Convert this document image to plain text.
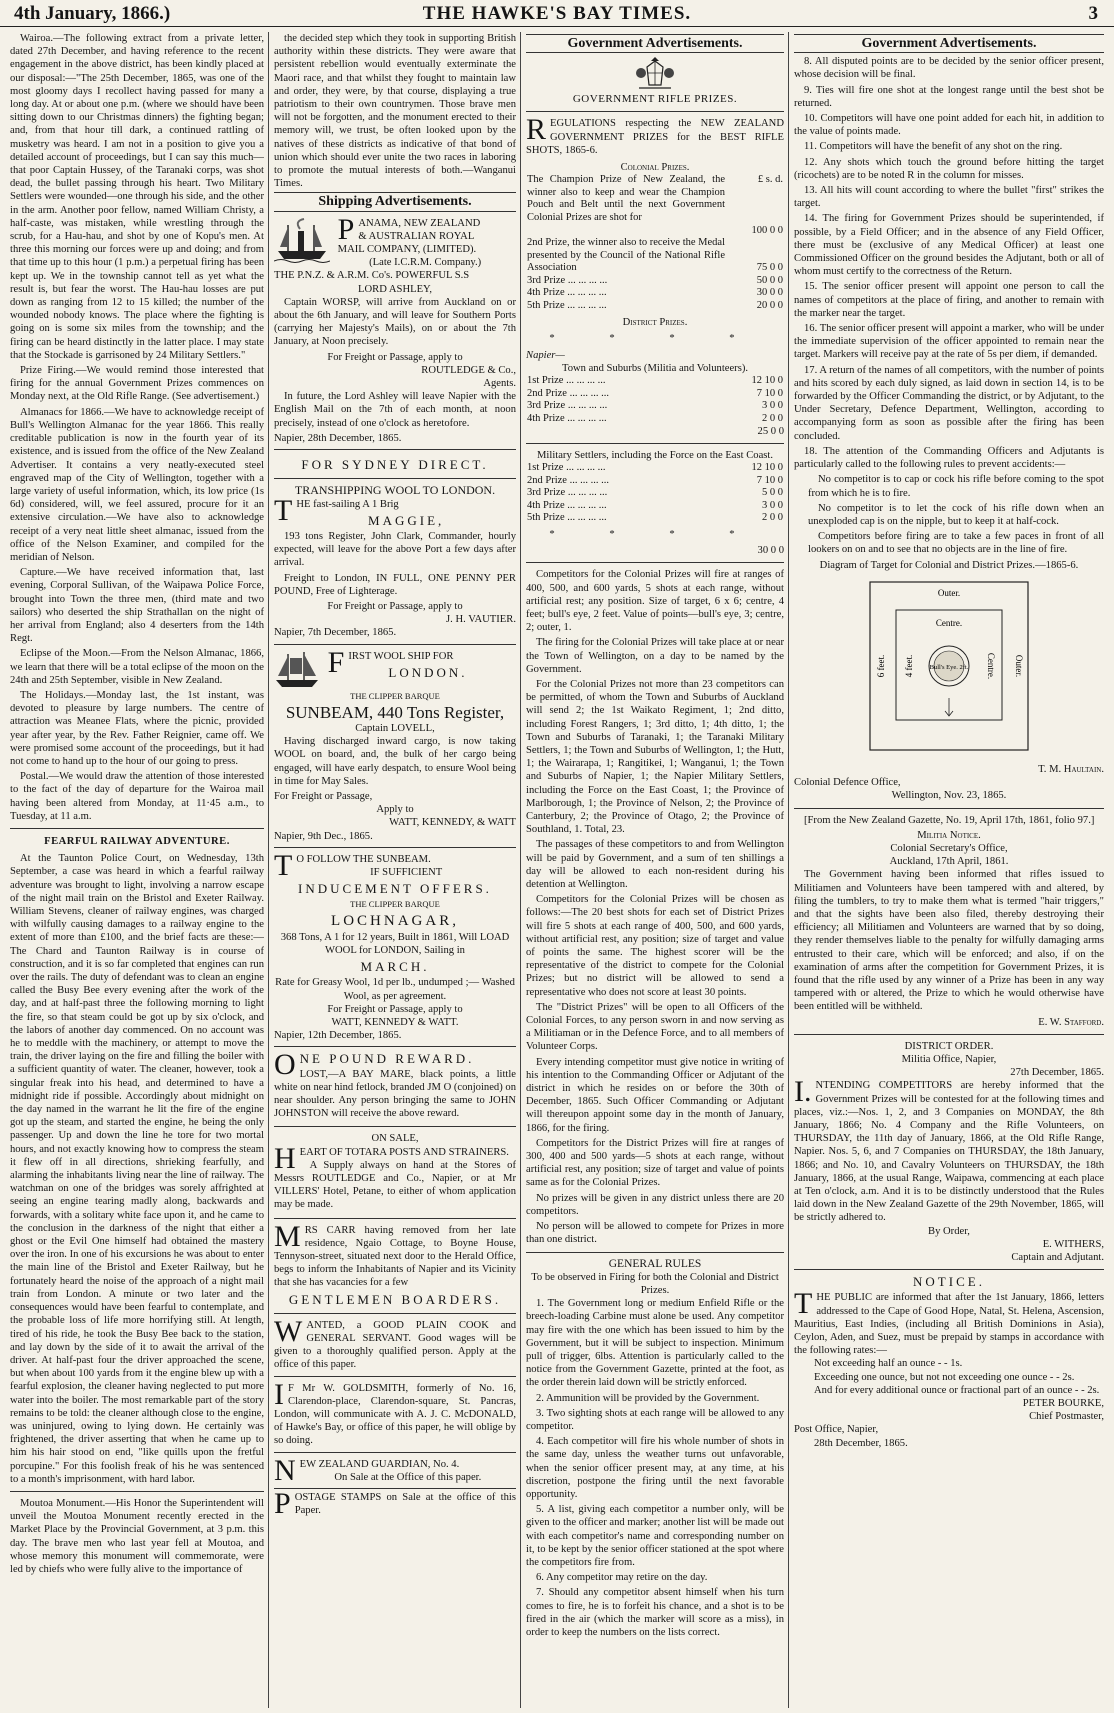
4th January, 1866.)	THE HAWKE'S BAY TIMES.	3

Wairoa.—The following extract from a private letter, dated 27th December, and having reference to the recent engagement in the above district, has been kindly placed at our disposal:—"The 25th December, 1865, was one of the most gloomy days I recollect having passed for many a long day. At or about one p.m. (where we should have been sitting down to our Christmas dinners) the fighting began; and, from that hour till dark, a continued rattling of musketry was heard. I am not in a position to give you a detailed account of proceedings, but I can say this much—that poor Captain Hussey, of the Taranaki corps, was shot dead, the bullet passing through his heart. Two Military Settlers were wounded—one through his side, and the other in the arm. Another poor fellow, named William Christy, a half-caste, was mistaken, while wrestling through the scrub, for a Hau-hau, and shot by one of Kopu's men. At three this morning our forces were up and doing; and from that time up to this hour (1 p.m.) a perpetual firing has been kept up. We in the township cannot tell as yet what the result is, but fear the worst. The Hau-hau losses are put down as ranging from 12 to 15 killed; the number of the wounded nobody knows. The place where the fighting is going on is some six miles from the township; and the firing can be heard distinctly in the latter place. I may state that the Stockade is garrisoned by 24 Military Settlers."

Prize Firing.—We would remind those interested that firing for the annual Government Prizes commences on Monday next, at the Old Rifle Range. (See advertisement.)

Almanacs for 1866.—We have to acknowledge receipt of Bull's Wellington Almanac for the year 1866. This really creditable publication is now in the fourth year of its existence, and is issued from the office of the New Zealand Advertiser. It contains a very neatly-executed steel engraved map of the City of Wellington, together with a large variety of useful information, which, its low price (1s 6d) considered, will, we feel assured, procure for it an extensive circulation.—We have also to acknowledge receipt of a very neat little sheet almanac, issued from the office of the Nelson Examiner, and compiled for the meridian of Nelson.

Capture.—We have received information that, last evening, Corporal Sullivan, of the Waipawa Police Force, brought into Town the three men, (third mate and two sailors) who deserted the ship Strathallan on the night of her arrival from England; also 4 deserters from the 14th Regt.

Eclipse of the Moon.—From the Nelson Almanac, 1866, we learn that there will be a total eclipse of the moon on the 24th and 25th September, visible in New Zealand.

The Holidays.—Monday last, the 1st instant, was devoted to pleasure by large numbers. The centre of attraction was Meanee Flats, where the picnic, provided year after year, by the Rev. Father Reignier, came off. We were promised some account of the proceedings, but it had not come to hand up to the hour of our going to press.

Postal.—We would draw the attention of those interested to the fact of the day of departure for the Wairoa mail having been altered from Monday, at 11·45 a.m., to Tuesday, at 11 a.m.

FEARFUL RAILWAY ADVENTURE.

At the Taunton Police Court, on Wednesday, 13th September, a case was heard in which a fearful railway adventure was brought to light, involving a narrow escape of the night mail train on the Bristol and Exeter Railway. William Stevens, cleaner of railway engines, was charged with wilfully causing damages to a railway engine to the extent of more than £100, and the brief facts are these:—The Chard and Taunton Railway is in course of construction, and it is so far completed that engines can run over the rails. The duty of defendant was to clean an engine called the Busy Bee every evening after the work of the day, and at half-past three the following morning to light the fire, so that steam could be got up by six o'clock, and the labors of another day commenced. On no account was he to meddle with the machinery, or attempt to move the train, the driver laying on the fire and filling the boiler with a sufficient quantity of water. The cleaner, however, took a singular freak into his head, and determined to have a midnight ride if possible. Accordingly about midnight on the day named in the warrant he lit the fire of the engine got up the steam, and started the engine, he being the only passenger. Up and down the line he tore for two mortal hours, and not exactly knowing how to compress the steam it flew off in all directions, shrieking fearfully, and alarming the inhabitants living near the line of railway. The watchman on one of the bridges was sorely affrighted at seeing an engine tearing madly along, backwards and forwards, with a solitary white face upon it, and he came to the conclusion in the darkness of the night that either a ghost or the Evil One himself had obtained the mastery over the iron. In one of his excursions he was about to enter the main line of the Bristol and Exeter Railway, but he fortunately heard the noise of the approach of a night mail train from London. A minute or two later and the consequences would have been fearful to contemplate, and the probable loss of life more horrifying still. At length, tired of his ride, he took the Busy Bee back to the station, and lay down by the side of it to await the arrival of the driver. At half-past four the driver approached the scene, but when about 100 yards from it the engine blew up with a fearful explosion, the cleaner having neglected to put more water into the boiler. The most remarkable part of the story remains to be told: the cleaner although close to the engine, was uninjured, owing to lying down. He certainly was frightened, the driver asserting that when he came up to him his hair stood on end, "like quills upon the fretful porcupine." For this foolish freak of his he was sentenced to a month's imprisonment, with hard labor.

Moutoa Monument.—His Honor the Superintendent will unveil the Moutoa Monument recently erected in the Market Place by the Provincial Government, at 3 p.m. this day. The brave men who last year fell at Moutoa, and whose memory this monument will commemorate, were led by chiefs who were fully alive to the importance of

the decided step which they took in supporting British authority within these districts. They were aware that persistent rebellion would eventually exterminate the Maori race, and that whilst they fought to maintain law and order, they were, by that course, displaying a true patriotism to their own countrymen. Those brave men will not be forgotten, and the monument erected to their memory will, we trust, be often looked upon by the natives of these districts as indicative of that bond of union which should ever unite the two races in laboring to promote the mutual interests of both.—Wanganui Times.

Shipping Advertisements.

PANAMA, NEW ZEALAND
& AUSTRALIAN ROYAL
MAIL COMPANY, (LIMITED).
(Late I.C.R.M. Company.)
THE P.N.Z. & A.R.M. Co's. POWERFUL S.S
LORD ASHLEY,

Captain WORSP, will arrive from Auckland on or about the 6th January, and will leave for Southern Ports (carrying her Majesty's Mails), on or about the 7th January, at Noon precisely.

For Freight or Passage, apply to
ROUTLEDGE & Co.,
Agents.

In future, the Lord Ashley will leave Napier with the English Mail on the 7th of each month, at noon precisely, instead of one o'clock as heretofore.

Napier, 28th December, 1865.
FOR SYDNEY DIRECT.
TRANSHIPPING WOOL TO LONDON.
THE fast-sailing A 1 Brig
MAGGIE,

193 tons Register, John Clark, Commander, hourly expected, will leave for the above Port a few days after arrival.

Freight to London, IN FULL, ONE PENNY PER POUND, Free of Lighterage.

For Freight or Passage, apply to
J. H. VAUTIER.
Napier, 7th December, 1865.

FIRST WOOL SHIP FOR
LONDON.
THE CLIPPER BARQUE
SUNBEAM, 440 Tons Register,
Captain LOVELL,

Having discharged inward cargo, is now taking WOOL on board, and, the bulk of her cargo being engaged, will have early despatch, to ensure Wool being in time for May Sales.

For Freight or Passage,
Apply to
WATT, KENNEDY, & WATT
Napier, 9th Dec., 1865.
T O FOLLOW THE SUNBEAM.
IF SUFFICIENT
INDUCEMENT OFFERS.
THE CLIPPER BARQUE
LOCHNAGAR,
368 Tons, A 1 for 12 years, Built in 1861, Will LOAD WOOL for LONDON, Sailing in
MARCH.
Rate for Greasy Wool, 1d per lb., undumped ;— Washed Wool, as per agreement.
For Freight or Passage, apply to
WATT, KENNEDY & WATT.
Napier, 12th December, 1865.
ONE POUND REWARD.

LOST,—A BAY MARE, black points, a little white on near hind fetlock, branded JM O (conjoined) on near shoulder. Any person bringing the same to JOHN JOHNSTON will receive the above reward.

ON SALE,
HEART OF TOTARA POSTS AND STRAINERS.

A Supply always on hand at the Stores of Messrs ROUTLEDGE and Co., Napier, or at Mr VILLERS' Hotel, Petane, to either of whom application may be made.

MRS CARR having removed from her late residence, Ngaio Cottage, to Boyne House, Tennyson-street, situated next door to the Herald Office, begs to inform the Inhabitants of Napier and its Vicinity that she has vacancies for a few
GENTLEMEN BOARDERS.
WANTED, a GOOD PLAIN COOK and GENERAL SERVANT. Good wages will be given to a thoroughly qualified person. Apply at the office of this paper.
I F Mr W. GOLDSMITH, formerly of No. 16, Clarendon-place, Clarendon-square, St. Pancras, London, will communicate with A. J. C. McDONALD, of Hawke's Bay, or office of this paper, he will oblige by so doing.
NEW ZEALAND GUARDIAN, No. 4.
On Sale at the Office of this paper.
POSTAGE STAMPS on Sale at the office of this Paper.
Government Advertisements.
GOVERNMENT RIFLE PRIZES.
REGULATIONS respecting the NEW ZEALAND GOVERNMENT PRIZES for the BEST RIFLE SHOTS, 1865-6.
Colonial Prizes.
The Champion Prize of New Zealand, the winner also to keep and wear the Champion Pouch and Belt until the next Government Colonial Prizes are shot for	£ s. d.
100 0 0

2nd Prize, the winner also to receive the Medal presented by the Council of the National Rifle Association	75 0 0
3rd Prize ... ... ... ...	50 0 0
4th Prize ... ... ... ...	30 0 0
5th Prize ... ... ... ...	20 0 0
District Prizes.
* * * *
Napier—
Town and Suburbs (Militia and Volunteers).
1st Prize ... ... ... ...	12 10 0
2nd Prize ... ... ... ...	7 10 0
3rd Prize ... ... ... ...	3 0 0
4th Prize ... ... ... ...	2 0 0
25 0 0
Military Settlers, including the Force on the East Coast.
1st Prize ... ... ... ...	12 10 0
2nd Prize ... ... ... ...	7 10 0
3rd Prize ... ... ... ...	5 0 0
4th Prize ... ... ... ...	3 0 0
5th Prize ... ... ... ...	2 0 0
* * * *
30 0 0

Competitors for the Colonial Prizes will fire at ranges of 400, 500, and 600 yards, 5 shots at each range, without artificial rest; any position. Size of target, 6 x 6; centre, 4 feet; bull's eye, 2 feet. Value of points—bull's eye, 3; centre, 2; outer, 1.

The firing for the Colonial Prizes will take place at or near the Town of Wellington, on a day to be named by the Government.

For the Colonial Prizes not more than 23 competitors can be permitted, of whom the Town and Suburbs of Auckland will send 2; the 1st Waikato Regiment, 1; 2nd ditto, including Forest Rangers, 1; 3rd ditto, 1; 4th ditto, 1; the Town and Suburbs of Taranaki, 1; the Taranaki Military Settlers, 1; the Town and Suburbs of Wellington, 1; the Hutt, 1; the Wairarapa, 1; Rangitikei, 1; Wanganui, 1; the Town and Suburbs of Napier, 1; the Napier Military Settlers, including the Force on the East Coast, 1; the Province of Marlborough, 1; the Province of Nelson, 2; the Province of Canterbury, 2; the Province of Otago, 2; the Province of Southland, 1. Total, 23.

The passages of these competitors to and from Wellington will be paid by Government, and a sum of ten shillings a day will be allowed to each non-resident during his detention at Wellington.

Competitors for the Colonial Prizes will be chosen as follows:—The 20 best shots for each set of District Prizes will fire 5 shots at each range of 400, 500, and 600 yards, without artificial rest, any position; size of target and value of points the same. The highest scorer will be the representative of the district to compete for the Colonial Prizes; but no district will be allowed to send a representative who does not score at least 30 points.

The "District Prizes" will be open to all Officers of the Colonial Forces, to any person sworn in and now serving as a Militiaman or in the Defence Force, and to all members of Volunteer Corps.

Every intending competitor must give notice in writing of his intention to the Commanding Officer or Adjutant of the district in which he resides on or before the 30th of December, 1865. Such Officer Commanding or Adjutant will thereupon appoint some day in the month of January, 1866, for the firing.

Competitors for the District Prizes will fire at ranges of 300, 400 and 500 yards—5 shots at each range, without artificial rest, any position; size of target and value of points same as for the Colonial Prizes.

No prizes will be given in any district unless there are 20 competitors.

No person will be allowed to compete for Prizes in more than one district.

GENERAL RULES
To be observed in Firing for both the Colonial and District Prizes.

1. The Government long or medium Enfield Rifle or the breech-loading Carbine must alone be used. Any competitor may fire with the one which has been issued to him by the Government, but it will be subject to inspection. Minimum pull of trigger, 6lbs. Attention is particularly called to the notice from the Government Gazette, printed at the foot, as the order therein laid down will be strictly enforced.

2. Ammunition will be provided by the Government.

3. Two sighting shots at each range will be allowed to any competitor.

4. Each competitor will fire his whole number of shots in the same day, unless the weather turns out unfavorable, when the senior officer present may, at any time, at his discretion, postpone the firing until the next favorable opportunity.

5. A list, giving each competitor a number only, will be given to the officer and marker; another list will be made out with each competitor's name and corresponding number on it, to be kept by the senior officer stationed at the spot where the competitors fire from.

6. Any competitor may retire on the day.

7. Should any competitor absent himself when his turn comes to fire, he is to forfeit his chance, and a shot is to be fired in the air (which the marker will score as a miss), in order to keep the numbers on the lists correct.

Government Advertisements.

8. All disputed points are to be decided by the senior officer present, whose decision will be final.

9. Ties will fire one shot at the longest range until the best shot be returned.

10. Competitors will have one point added for each hit, in addition to the value of points made.

11. Competitors will have the benefit of any shot on the ring.

12. Any shots which touch the ground before hitting the target (ricochets) are to be noted R in the column for misses.

13. All hits will count according to where the bullet "first" strikes the target.

14. The firing for Government Prizes should be superintended, if possible, by a Field Officer; and in the absence of any Field Officer, there must be (exclusive of any Medical Officer) at least one Commissioned Officer on the ground besides the Adjutant, both or all of whom must certify to the correctness of the Return.

15. The senior officer present will appoint one person to call the names of competitors at the place of firing, and another to remain with the marker near the target.

16. The senior officer present will appoint a marker, who will be under the immediate supervision of the officer appointed to remain near the target. Markers will receive pay at the rate of 5s per diem, if demanded.

17. A return of the names of all competitors, with the number of points and hits scored by each duly signed, as laid down in section 14, is to be forwarded by the Officer Commanding the district, or by Adjutant, to the Under Secretary, Defence Department, Wellington, according to accompanying form as soon as possible after the firing has been concluded.

18. The attention of the Commanding Officers and Adjutants is particularly called to the following rules to prevent accidents:—

No competitor is to cap or cock his rifle before coming to the spot from which he is to fire.

No competitor is to let the cock of his rifle down when an unexploded cap is on the nipple, but to keep it at half-cock.

Competitors before firing are to take a few paces in front of all lookers on on and to see that no objects are in the line of fire.

Diagram of Target for Colonial and District Prizes.—1865-6.
Outer.
Centre.
Bull's Eye. 2ft.
6 feet. 4 feet.	Centre. Outer.
T. M. Haultain.
Colonial Defence Office,
Wellington, Nov. 23, 1865.

[From the New Zealand Gazette, No. 19, April 17th, 1861, folio 97.]

Militia Notice.
Colonial Secretary's Office,
Auckland, 17th April, 1861.

The Government having been informed that rifles issued to Militiamen and Volunteers have been tampered with and altered, by filing the tumblers, to try to make them what is termed "hair triggers," and that the sights have been also filed, thereby destroying their efficiency; all Militiamen and Volunteers are warned that by so doing, they render themselves liable to the penalty for wilfully damaging arms entrusted to their care, which will be enforced; and also, if on the examination of arms after the competition for Government Prizes, it is found that the rifle used by any winner of a Prize has been in any way tampered with or altered, the Prize to which he would otherwise have been entitled will be withheld.

E. W. Stafford.
DISTRICT ORDER.
Militia Office, Napier,
27th December, 1865.
I. NTENDING COMPETITORS are hereby informed that the Government Prizes will be contested for at the following times and places, viz.:—Nos. 1, 2, and 3 Companies on MONDAY, the 8th January, 1866; No. 4 Company and the Rifle Volunteers, on THURSDAY, the 11th day of January, 1866, at the Old Rifle Range, Napier. Nos. 5, 6, and 7 Companies on THURSDAY, the 18th January, 1866; and No. 10, and Cavalry Volunteers on THURSDAY, the 18th January, 1866, at the usual Range, Waipawa, commencing at each place at Ten o'clock, a.m. And it is to be distinctly understood that the Rules laid down in the New Zealand Gazette of the 29th November, 1865, will be strictly adhered to.
By Order,
E. WITHERS,
Captain and Adjutant.
NOTICE.
THE PUBLIC are informed that after the 1st January, 1866, letters addressed to the Cape of Good Hope, Natal, St. Helena, Ascension, Mauritius, East Indies, (including all British Dominions in Asia), Ceylon, Aden, and Suez, must be prepaid by stamps in accordance with the following rates:—
Not exceeding half an ounce - - 1s.
Exceeding one ounce, but not not exceeding one ounce - - 2s.
And for every additional ounce or fractional part of an ounce - - 2s.
PETER BOURKE,
Chief Postmaster,
Post Office, Napier,
28th December, 1865.
